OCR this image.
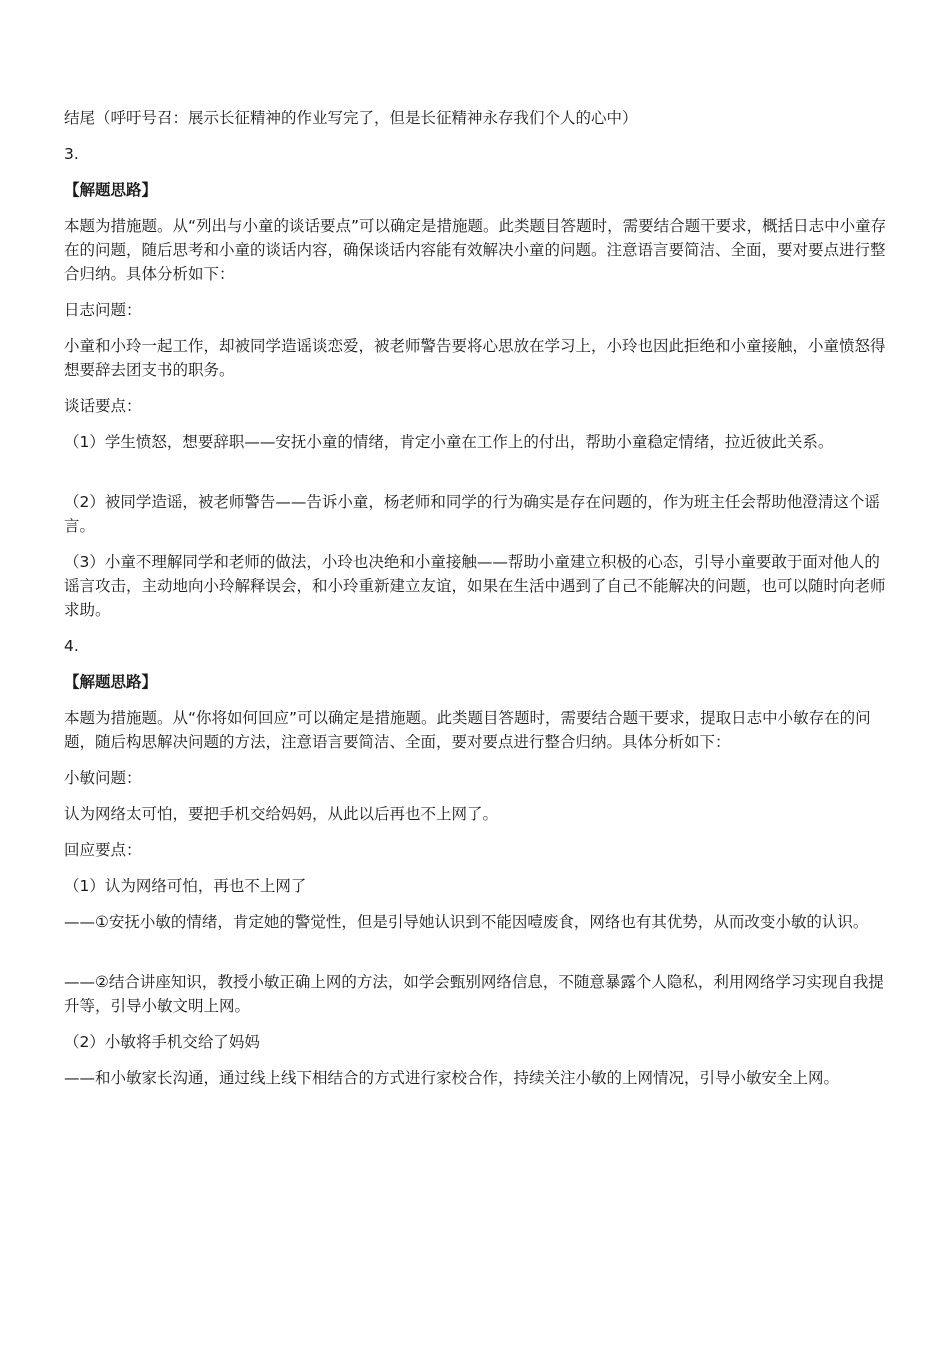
结尾（呼吁号召：展示长征精神的作业写完了，但是长征精神永存我们个人的心中）

3.

【解题思路】

本题为措施题。从“列出与小童的谈话要点”可以确定是措施题。此类题目答题时，需要结合题干要求，概括日志中小童存在的问题，随后思考和小童的谈话内容，确保谈话内容能有效解决小童的问题。注意语言要简洁、全面，要对要点进行整合归纳。具体分析如下：

日志问题：

小童和小玲一起工作，却被同学造谣谈恋爱，被老师警告要将心思放在学习上，小玲也因此拒绝和小童接触，小童愤怒得想要辞去团支书的职务。

谈话要点：

（1）学生愤怒，想要辞职——安抚小童的情绪，肯定小童在工作上的付出，帮助小童稳定情绪，拉近彼此关系。

（2）被同学造谣，被老师警告——告诉小童，杨老师和同学的行为确实是存在问题的，作为班主任会帮助他澄清这个谣言。

（3）小童不理解同学和老师的做法，小玲也决绝和小童接触——帮助小童建立积极的心态，引导小童要敢于面对他人的谣言攻击，主动地向小玲解释误会，和小玲重新建立友谊，如果在生活中遇到了自己不能解决的问题，也可以随时向老师求助。

4.

【解题思路】

本题为措施题。从“你将如何回应”可以确定是措施题。此类题目答题时，需要结合题干要求，提取日志中小敏存在的问题，随后构思解决问题的方法，注意语言要简洁、全面，要对要点进行整合归纳。具体分析如下：

小敏问题：

认为网络太可怕，要把手机交给妈妈，从此以后再也不上网了。

回应要点：

（1）认为网络可怕，再也不上网了

——①安抚小敏的情绪，肯定她的警觉性，但是引导她认识到不能因噎废食，网络也有其优势，从而改变小敏的认识。

——②结合讲座知识，教授小敏正确上网的方法，如学会甄别网络信息，不随意暴露个人隐私，利用网络学习实现自我提升等，引导小敏文明上网。

（2）小敏将手机交给了妈妈

——和小敏家长沟通，通过线上线下相结合的方式进行家校合作，持续关注小敏的上网情况，引导小敏安全上网。
